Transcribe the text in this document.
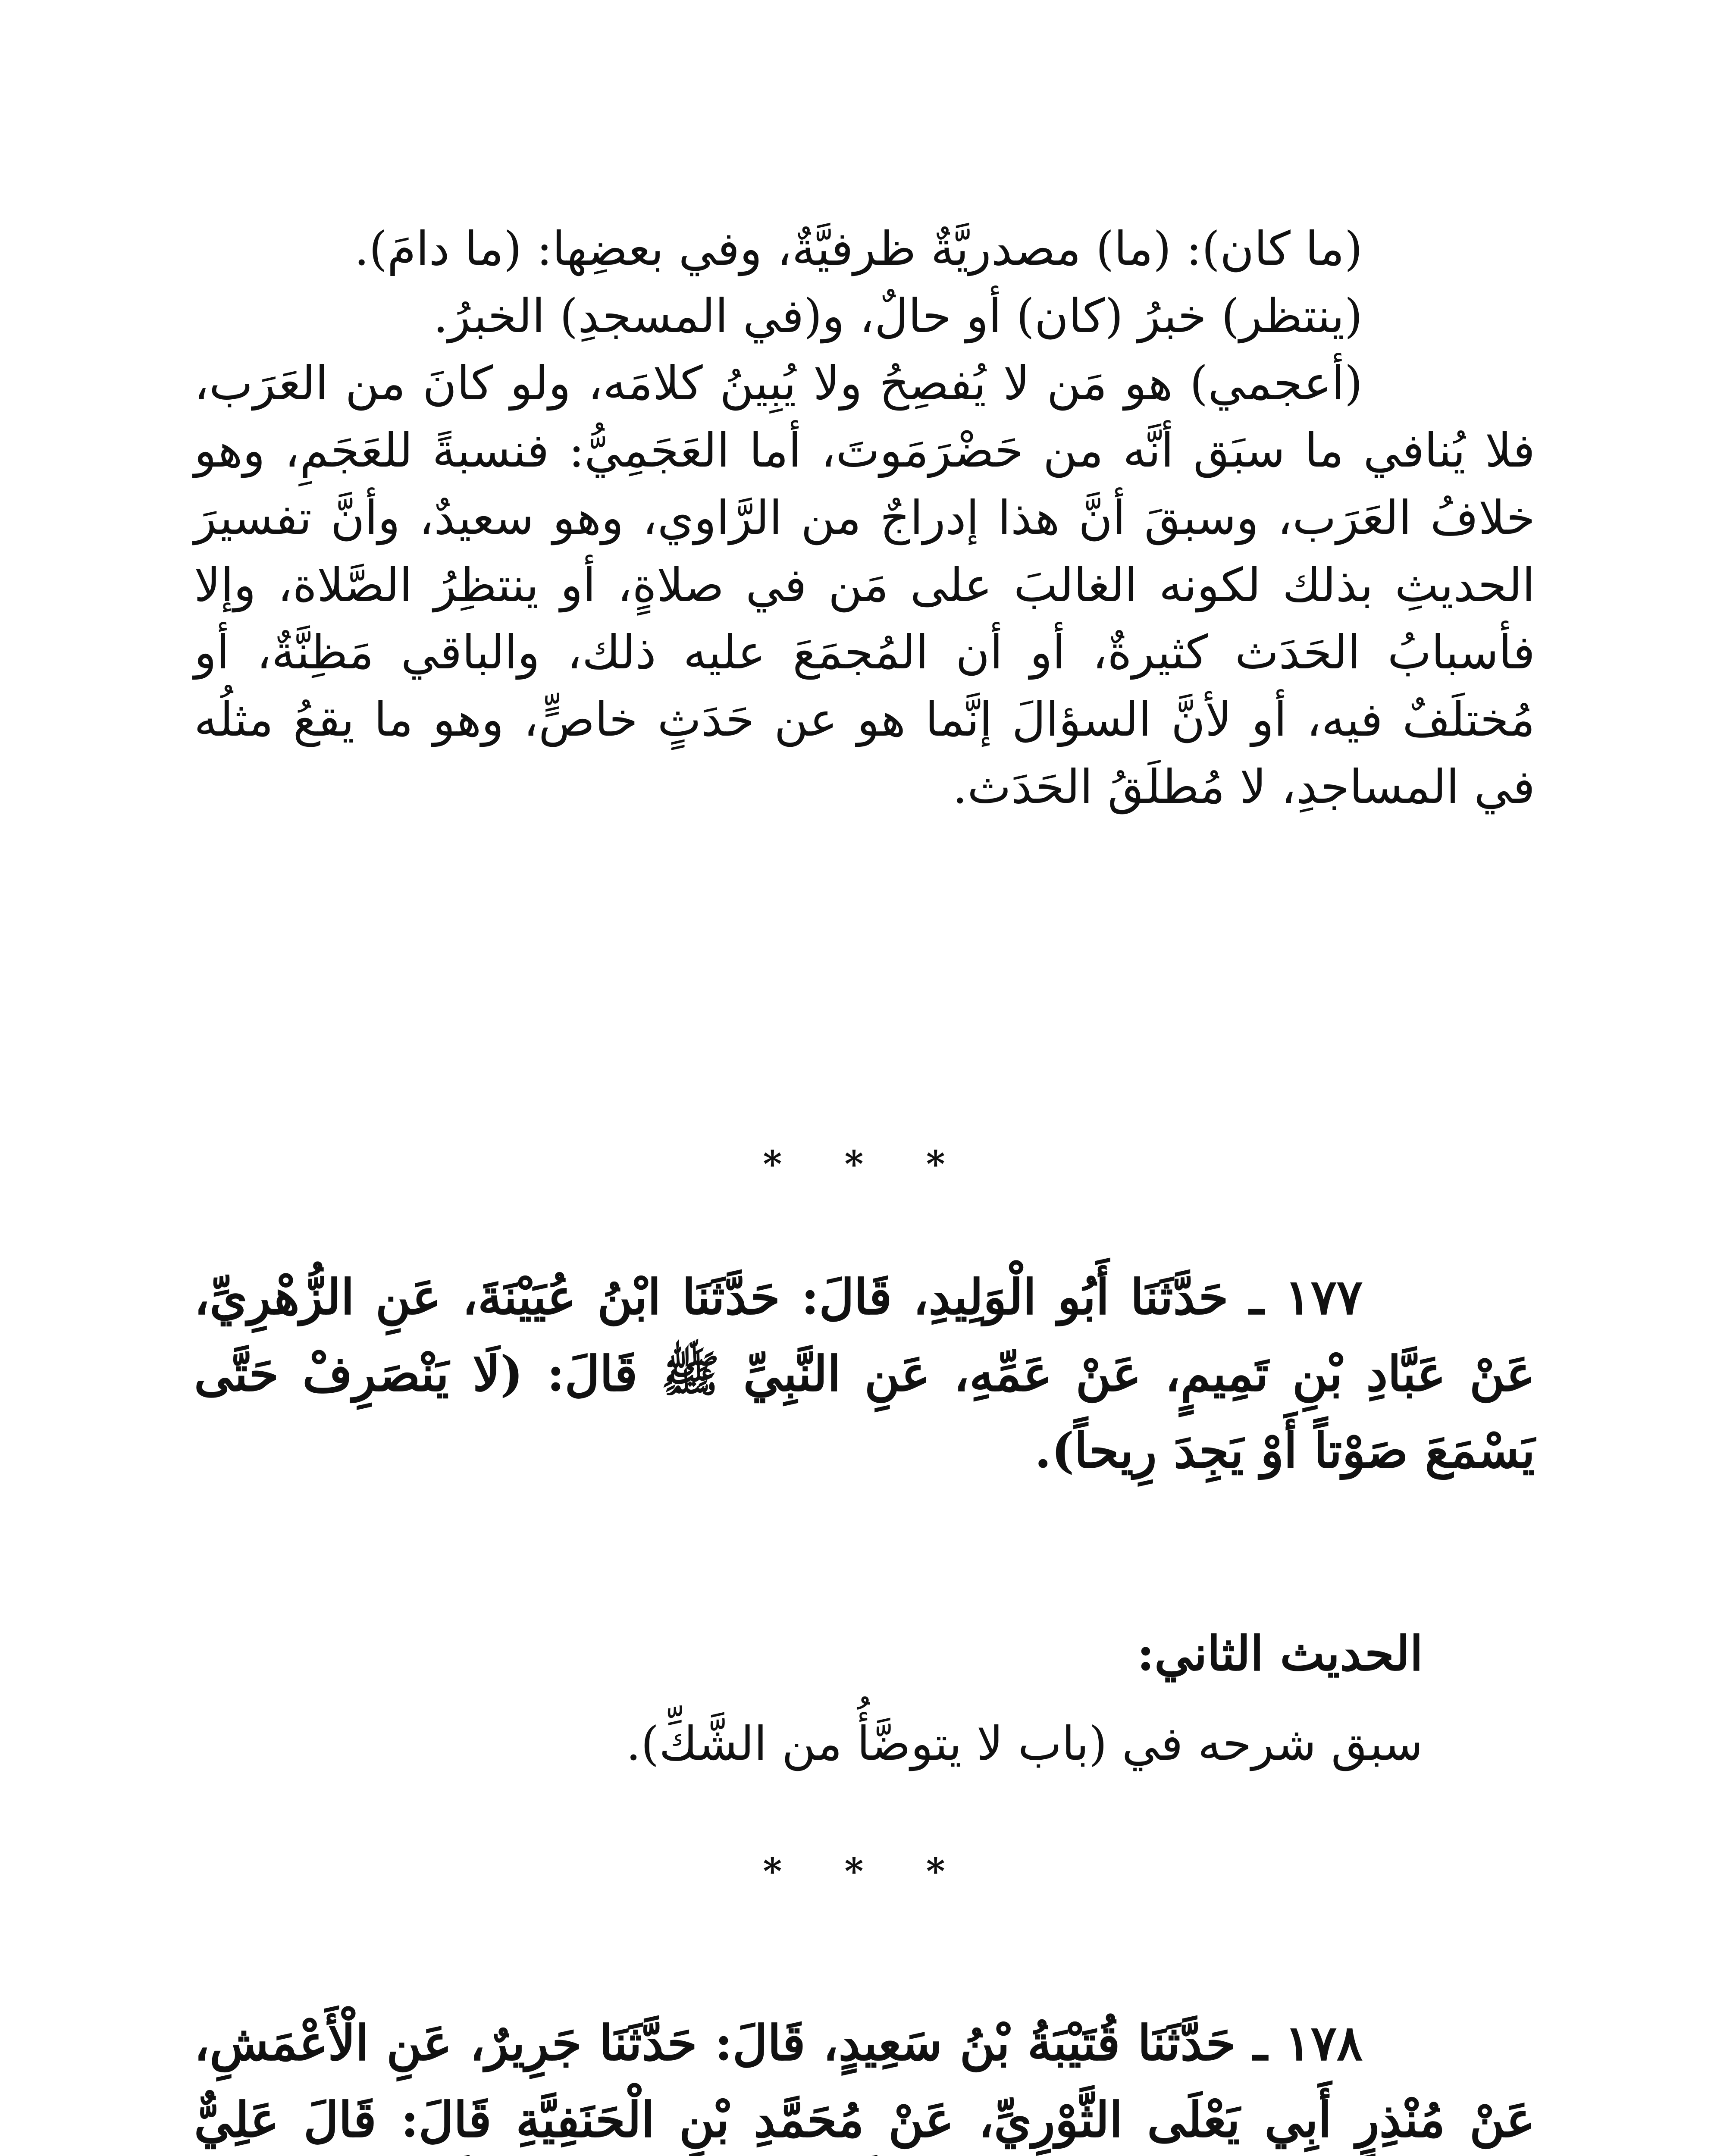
(ما كان): (ما) مصدريَّةٌ ظرفيَّةٌ، وفي بعضِها: (ما دامَ).

(ينتظر) خبرُ (كان) أو حالٌ، و(في المسجدِ) الخبرُ.

(أعجمي) هو مَن لا يُفصِحُ ولا يُبِينُ كلامَه، ولو كانَ من العَرَب، فلا يُنافي ما سبَق أنَّه من حَضْرَمَوتَ، أما العَجَمِيُّ: فنسبةً للعَجَمِ، وهو خلافُ العَرَب، وسبقَ أنَّ هذا إدراجٌ من الرَّاوي، وهو سعيدٌ، وأنَّ تفسيرَ الحديثِ بذلك لكونه الغالبَ على مَن في صلاةٍ، أو ينتظِرُ الصَّلاة، وإلا فأسبابُ الحَدَث كثيرةٌ، أو أن المُجمَعَ عليه ذلك، والباقي مَظِنَّةٌ، أو مُختلَفٌ فيه، أو لأنَّ السؤالَ إنَّما هو عن حَدَثٍ خاصٍّ، وهو ما يقعُ مثلُه في المساجدِ، لا مُطلَقُ الحَدَث.

* * *
١٧٧ ـ حَدَّثَنَا أَبُو الْوَلِيدِ، قَالَ: حَدَّثَنَا ابْنُ عُيَيْنَةَ، عَنِ الزُّهْرِيِّ، عَنْ عَبَّادِ بْنِ تَمِيمٍ، عَنْ عَمِّهِ، عَنِ النَّبِيِّ ﷺ قَالَ: (لَا يَنْصَرِفْ حَتَّى يَسْمَعَ صَوْتاً أَوْ يَجِدَ رِيحاً).
الحديث الثاني:
سبق شرحه في (باب لا يتوضَّأُ من الشَّكِّ).
* * *
١٧٨ ـ حَدَّثَنَا قُتَيْبَةُ بْنُ سَعِيدٍ، قَالَ: حَدَّثَنَا جَرِيرٌ، عَنِ الْأَعْمَشِ، عَنْ مُنْذِرٍ أَبِي يَعْلَى الثَّوْرِيِّ، عَنْ مُحَمَّدِ بْنِ الْحَنَفِيَّةِ قَالَ: قَالَ عَلِيٌّ
